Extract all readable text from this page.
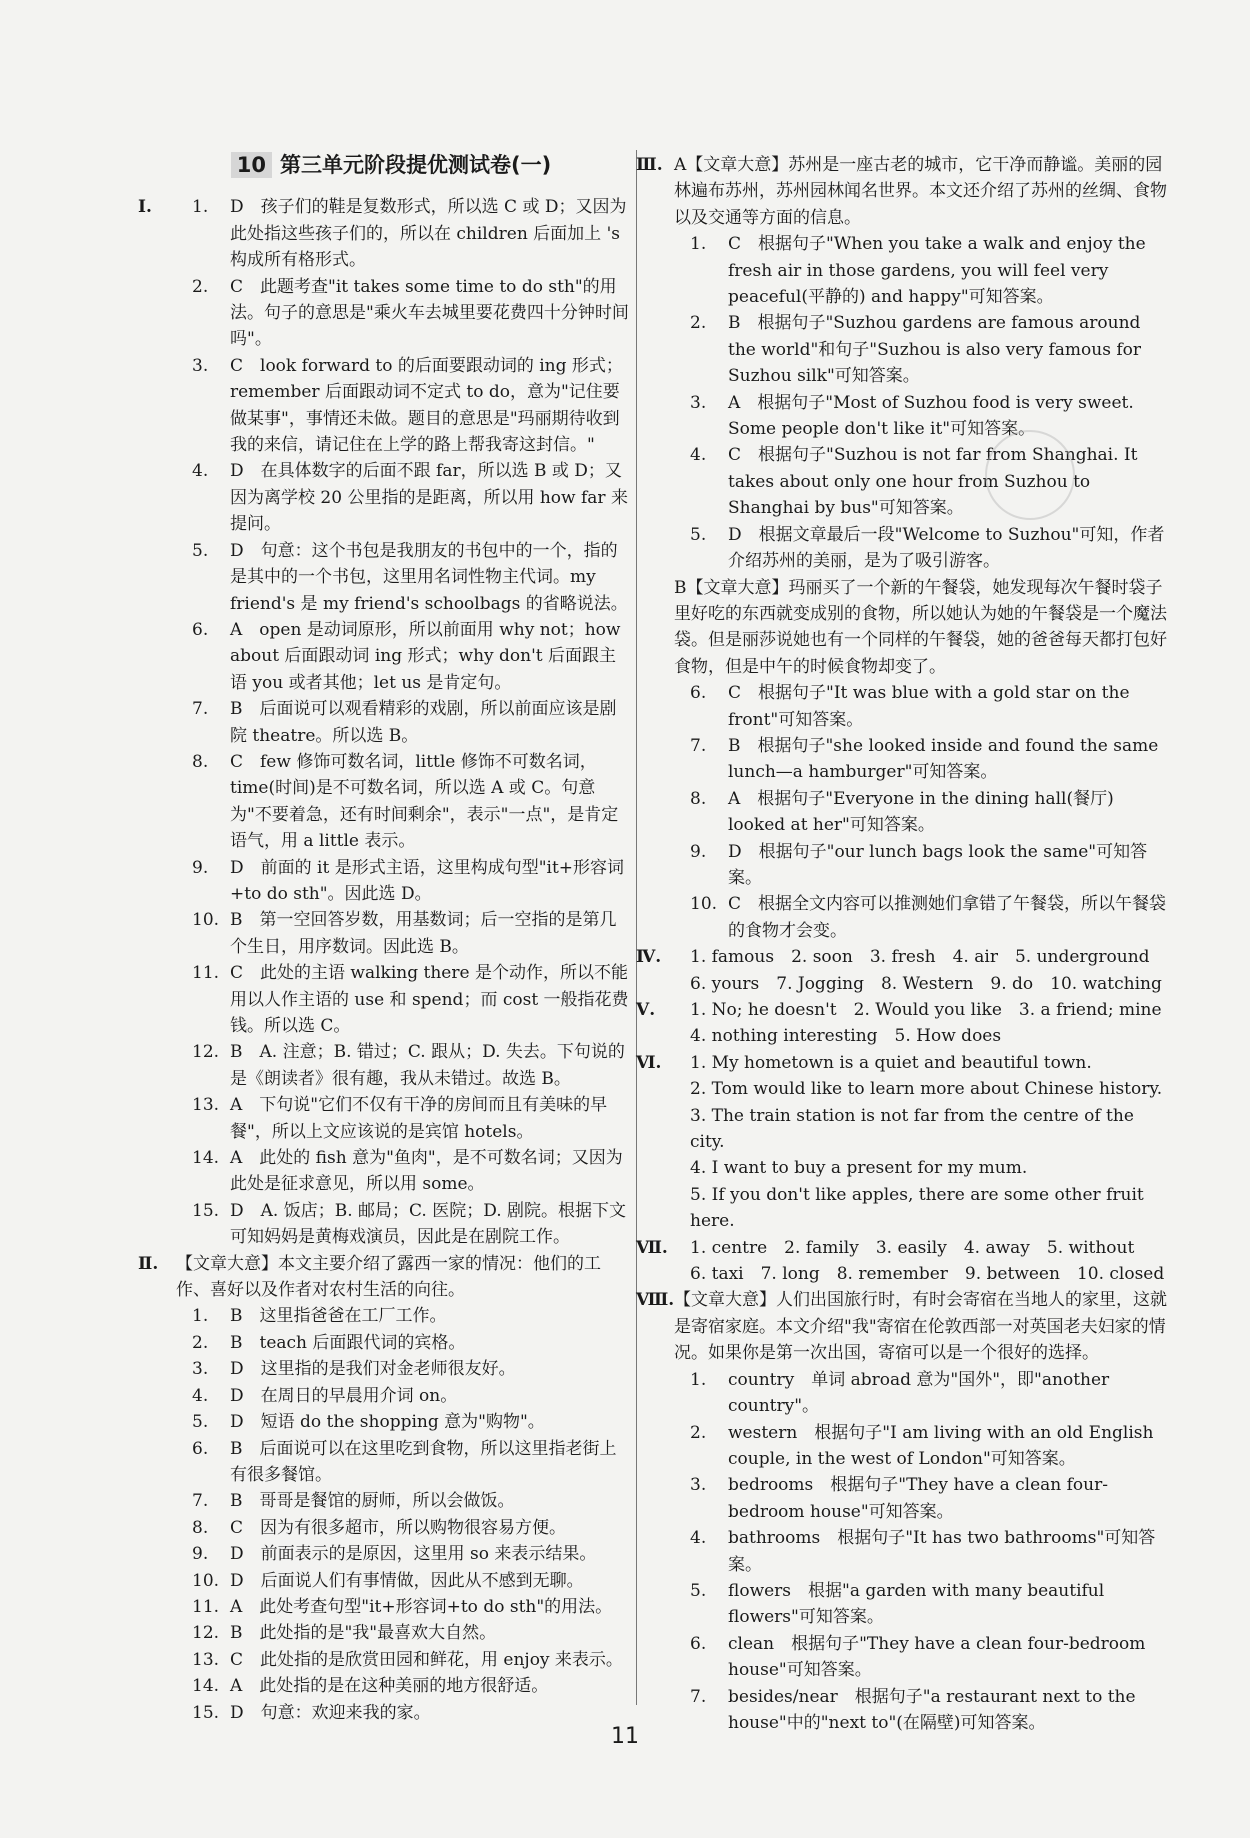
10 第三单元阶段提优测试卷(一)
Ⅰ. 1. D　孩子们的鞋是复数形式，所以选 C 或 D；又因为此处指这些孩子们的，所以在 children 后面加上 's 构成所有格形式。
2. C　此题考查"it takes some time to do sth"的用法。句子的意思是"乘火车去城里要花费四十分钟时间吗"。
3. C　look forward to 的后面要跟动词的 ing 形式；remember 后面跟动词不定式 to do，意为"记住要做某事"，事情还未做。题目的意思是"玛丽期待收到我的来信，请记住在上学的路上帮我寄这封信。"
4. D　在具体数字的后面不跟 far，所以选 B 或 D；又因为离学校 20 公里指的是距离，所以用 how far 来提问。
5. D　句意：这个书包是我朋友的书包中的一个，指的是其中的一个书包，这里用名词性物主代词。my friend's 是 my friend's schoolbags 的省略说法。
6. A　open 是动词原形，所以前面用 why not；how about 后面跟动词 ing 形式；why don't 后面跟主语 you 或者其他；let us 是肯定句。
7. B　后面说可以观看精彩的戏剧，所以前面应该是剧院 theatre。所以选 B。
8. C　few 修饰可数名词，little 修饰不可数名词，time(时间)是不可数名词，所以选 A 或 C。句意为"不要着急，还有时间剩余"，表示"一点"，是肯定语气，用 a little 表示。
9. D　前面的 it 是形式主语，这里构成句型"it+形容词+to do sth"。因此选 D。
10. B　第一空回答岁数，用基数词；后一空指的是第几个生日，用序数词。因此选 B。
11. C　此处的主语 walking there 是个动作，所以不能用以人作主语的 use 和 spend；而 cost 一般指花费钱。所以选 C。
12. B　A. 注意；B. 错过；C. 跟从；D. 失去。下句说的是《朗读者》很有趣，我从未错过。故选 B。
13. A　下句说"它们不仅有干净的房间而且有美味的早餐"，所以上文应该说的是宾馆 hotels。
14. A　此处的 fish 意为"鱼肉"，是不可数名词；又因为此处是征求意见，所以用 some。
15. D　A. 饭店；B. 邮局；C. 医院；D. 剧院。根据下文可知妈妈是黄梅戏演员，因此是在剧院工作。
Ⅱ. 【文章大意】本文主要介绍了露西一家的情况：他们的工作、喜好以及作者对农村生活的向往。
1. B　这里指爸爸在工厂工作。
2. B　teach 后面跟代词的宾格。
3. D　这里指的是我们对金老师很友好。
4. D　在周日的早晨用介词 on。
5. D　短语 do the shopping 意为"购物"。
6. B　后面说可以在这里吃到食物，所以这里指老街上有很多餐馆。
7. B　哥哥是餐馆的厨师，所以会做饭。
8. C　因为有很多超市，所以购物很容易方便。
9. D　前面表示的是原因，这里用 so 来表示结果。
10. D　后面说人们有事情做，因此从不感到无聊。
11. A　此处考查句型"it+形容词+to do sth"的用法。
12. B　此处指的是"我"最喜欢大自然。
13. C　此处指的是欣赏田园和鲜花，用 enjoy 来表示。
14. A　此处指的是在这种美丽的地方很舒适。
15. D　句意：欢迎来我的家。
Ⅲ. A【文章大意】苏州是一座古老的城市，它干净而静谧。美丽的园林遍布苏州，苏州园林闻名世界。本文还介绍了苏州的丝绸、食物以及交通等方面的信息。
1. C　根据句子"When you take a walk and enjoy the fresh air in those gardens, you will feel very peaceful(平静的) and happy"可知答案。
2. B　根据句子"Suzhou gardens are famous around the world"和句子"Suzhou is also very famous for Suzhou silk"可知答案。
3. A　根据句子"Most of Suzhou food is very sweet. Some people don't like it"可知答案。
4. C　根据句子"Suzhou is not far from Shanghai. It takes about only one hour from Suzhou to Shanghai by bus"可知答案。
5. D　根据文章最后一段"Welcome to Suzhou"可知，作者介绍苏州的美丽，是为了吸引游客。
B【文章大意】玛丽买了一个新的午餐袋，她发现每次午餐时袋子里好吃的东西就变成别的食物，所以她认为她的午餐袋是一个魔法袋。但是丽莎说她也有一个同样的午餐袋，她的爸爸每天都打包好食物，但是中午的时候食物却变了。
6. C　根据句子"It was blue with a gold star on the front"可知答案。
7. B　根据句子"she looked inside and found the same lunch—a hamburger"可知答案。
8. A　根据句子"Everyone in the dining hall(餐厅) looked at her"可知答案。
9. D　根据句子"our lunch bags look the same"可知答案。
10. C　根据全文内容可以推测她们拿错了午餐袋，所以午餐袋的食物才会变。
Ⅳ.	1. famous　2. soon　3. fresh　4. air　5. underground
6. yours　7. Jogging　8. Western　9. do　10. watching
Ⅴ.	1. No; he doesn't　2. Would you like　3. a friend; mine
4. nothing interesting　5. How does
Ⅵ.	1. My hometown is a quiet and beautiful town.
2. Tom would like to learn more about Chinese history.
3. The train station is not far from the centre of the city.
4. I want to buy a present for my mum.
5. If you don't like apples, there are some other fruit here.
Ⅶ.	1. centre　2. family　3. easily　4. away　5. without
6. taxi　7. long　8. remember　9. between　10. closed
Ⅷ. 【文章大意】人们出国旅行时，有时会寄宿在当地人的家里，这就是寄宿家庭。本文介绍"我"寄宿在伦敦西部一对英国老夫妇家的情况。如果你是第一次出国，寄宿可以是一个很好的选择。
1. country　单词 abroad 意为"国外"，即"another country"。
2. western　根据句子"I am living with an old English couple, in the west of London"可知答案。
3. bedrooms　根据句子"They have a clean four-bedroom house"可知答案。
4. bathrooms　根据句子"It has two bathrooms"可知答案。
5. flowers　根据"a garden with many beautiful flowers"可知答案。
6. clean　根据句子"They have a clean four-bedroom house"可知答案。
7. besides/near　根据句子"a restaurant next to the house"中的"next to"(在隔壁)可知答案。
11
